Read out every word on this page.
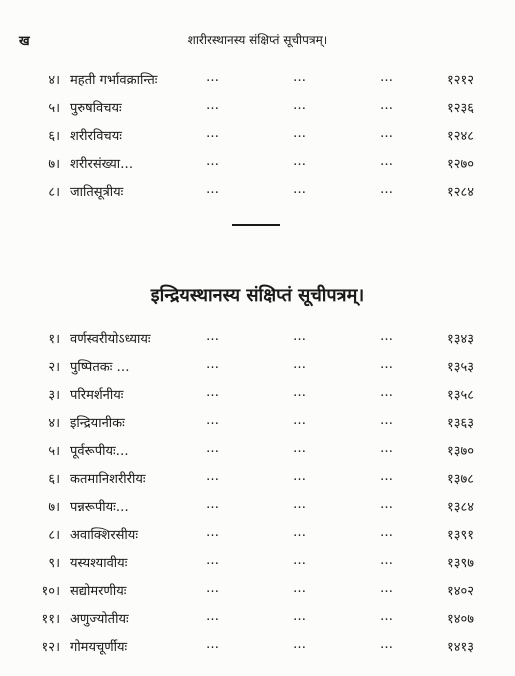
ख	शारीरस्थानस्य संक्षिप्तं सूचीपत्रम्।
४। महती गर्भावक्रान्तिः	…	…	…	१२१२
५। पुरुषविचयः	…	…	…	१२३६
६। शरीरविचयः	…	…	…	१२४८
७। शरीरसंख्या…	…	…	…	१२७०
८। जातिसूत्रीयः	…	…	…	१२८४
इन्द्रियस्थानस्य संक्षिप्तं सूचीपत्रम्।
१। वर्णस्वरीयोऽध्यायः	…	…	…	१३४३
२। पुष्पितकः …	…	…	…	१३५३
३। परिमर्शनीयः	…	…	…	१३५८
४। इन्द्रियानीकः	…	…	…	१३६३
५। पूर्वरूपीयः…	…	…	…	१३७०
६। कतमानिशरीरीयः	…	…	…	१३७८
७। पन्नरूपीयः…	…	…	…	१३८४
८। अवाक्शिरसीयः	…	…	…	१३९१
९। यस्यश्यावीयः	…	…	…	१३९७
१०। सद्योमरणीयः	…	…	…	१४०२
११। अणुज्योतीयः	…	…	…	१४०७
१२। गोमयचूर्णीयः	…	…	…	१४१३
